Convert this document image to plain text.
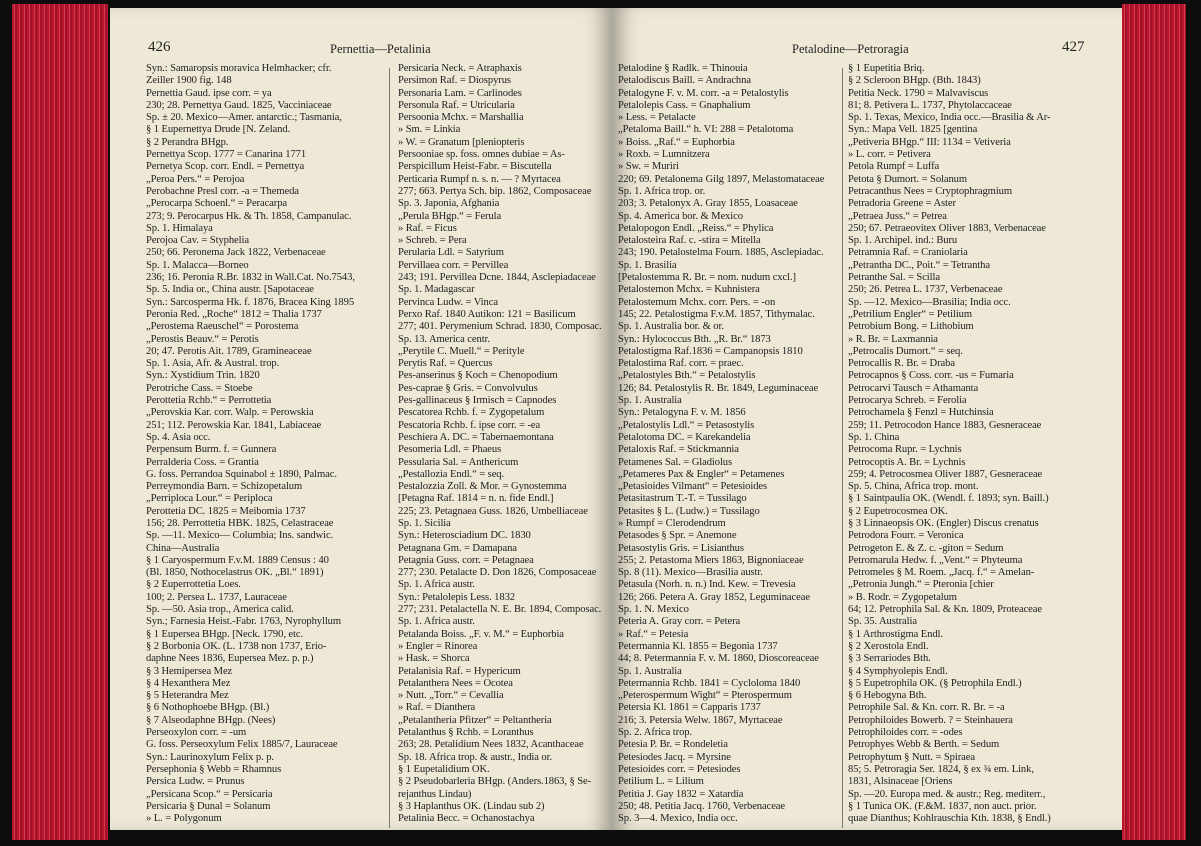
426	Pernettia—Petalinia
Syn.: Samaropsis moravica Helmhacker; cfr.
Zeiller 1900 fig. 148
Pernettia Gaud. ipse corr. = ya
230; 28. Pernettya Gaud. 1825, Vacciniaceae
Sp. ± 20. Mexico—Amer. antarctic.; Tasmania,
§ 1 Eupernettya Drude [N. Zeland.
§ 2 Perandra BHgp.
Pernettya Scop. 1777 = Canarina 1771
Pernetya Scop. corr. Endl. = Pernettya
„Peroa Pers.“ = Perojoa
Perobachne Presl corr. -a = Themeda
„Perocarpa Schoenl.“ = Peracarpa
273; 9. Perocarpus Hk. & Th. 1858, Campanulac.
Sp. 1. Himalaya
Perojoa Cav. = Styphelia
250; 66. Peronema Jack 1822, Verbenaceae
Sp. 1. Malacca—Borneo
236; 16. Peronia R.Br. 1832 in Wall.Cat. No.7543,
Sp. 5. India or., China austr. [Sapotaceae
Syn.: Sarcosperma Hk. f. 1876, Bracea King 1895
Peronia Red. „Roche“ 1812 = Thalia 1737
„Perostema Raeuschel“ = Porostema
„Perostis Beauv.“ = Perotis
20; 47. Perotis Ait. 1789, Gramineaceae
Sp. 1. Asia, Afr. & Austral. trop.
Syn.: Xystidium Trin. 1820
Perotriche Cass. = Stoebe
Perottetia Rchb.“ = Perrottetia
„Perovskia Kar. corr. Walp. = Perowskia
251; 112. Perowskia Kar. 1841, Labiaceae
Sp. 4. Asia occ.
Perpensum Burm. f. = Gunnera
Perralderia Coss. = Grantia
G. foss. Perrandoa Squinabol ± 1890, Palmac.
Perreymondia Barn. = Schizopetalum
„Perriploca Lour.“ = Periploca
Perottetia DC. 1825 = Meibomia 1737
156; 28. Perrottetia HBK. 1825, Celastraceae
Sp. —11. Mexico— Columbia; Ins. sandwic.
China—Australia
§ 1 Caryospermum F.v.M. 1889 Census : 40
(Bl. 1850, Nothocelastrus OK. „Bl.“ 1891)
§ 2 Euperrottetia Loes.
100; 2. Persea L. 1737, Lauraceae
Sp. —50. Asia trop., America calid.
Syn.; Farnesia Heist.-Fabr. 1763, Nyrophyllum
§ 1 Eupersea BHgp. [Neck. 1790, etc.
§ 2 Borbonia OK. (L. 1738 non 1737, Erio-
daphne Nees 1836, Eupersea Mez. p. p.)
§ 3 Hemipersea Mez
§ 4 Hexanthera Mez
§ 5 Heterandra Mez
§ 6 Nothophoebe BHgp. (Bl.)
§ 7 Alseodaphne BHgp. (Nees)
Perseoxylon corr. = -um
G. foss. Perseoxylum Felix 1885/7, Lauraceae
Syn.: Laurinoxylum Felix p. p.
Persephonia § Webb = Rhamnus
Persica Ludw. = Prunus
„Persicana Scop.“ = Persicaria
Persicaria § Dunal = Solanum
» L. = Polygonum
Persicaria Neck. = Atraphaxis
Persimon Raf. = Diospyrus
Personaria Lam. = Carlinodes
Personula Raf. = Utricularia
Persoonia Mchx. = Marshallia
» Sm. = Linkia
» W. = Granatum [pleniopteris
Persooniae sp. foss. omnes dubiae = As-
Perspicillum Heist-Fabr. = Biscutella
Perticaria Rumpf n. s. n. — ? Myrtacea
277; 663. Pertya Sch. bip. 1862, Composaceae
Sp. 3. Japonia, Afghania
„Perula BHgp.“ = Ferula
» Raf. = Ficus
» Schreb. = Pera
Perularia Ldl. = Satyrium
Pervillaea corr. = Pervillea
243; 191. Pervillea Dcne. 1844, Asclepiadaceae
Sp. 1. Madagascar
Pervinca Ludw. = Vinca
Perxo Raf. 1840 Autikon: 121 = Basilicum
277; 401. Perymenium Schrad. 1830, Composac.
Sp. 13. America centr.
„Perytile C. Muell.“ = Perityle
Perytis Raf. = Quercus
Pes-anserinus § Koch = Chenopodium
Pes-caprae § Gris. = Convolvulus
Pes-gallinaceus § Irmisch = Capnodes
Pescatorea Rchb. f. = Zygopetalum
Pescatoria Rchb. f. ipse corr. = -ea
Peschiera A. DC. = Tabernaemontana
Pesomeria Ldl. = Phaeus
Pessularia Sal. = Anthericum
„Pestallozia Endl.“ = seq.
Pestalozzia Zoll. & Mor. = Gynostemma
[Petagna Raf. 1814 = n. n. fide Endl.]
225; 23. Petagnaea Guss. 1826, Umbelliaceae
Sp. 1. Sicilia
Syn.: Heterosciadium DC. 1830
Petagnana Gm. = Damapana
Petagnia Guss. corr. = Petagnaea
277; 230. Petalacte D. Don 1826, Composaceae
Sp. 1. Africa austr.
Syn.: Petalolepis Less. 1832
277; 231. Petalactella N. E. Br. 1894, Composac.
Sp. 1. Africa austr.
Petalanda Boiss. „F. v. M.“ = Euphorbia
» Engler = Rinorea
» Hask. = Shorca
Petalanisia Raf. = Hypericum
Petalanthera Nees = Ocotea
» Nutt. „Torr.“ = Cevallia
» Raf. = Dianthera
„Petalantheria Pfitzer“ = Peltantheria
Petalanthus § Rchb. = Loranthus
263; 28. Petalidium Nees 1832, Acanthaceae
Sp. 18. Africa trop. & austr., India or.
§ 1 Eupetalidium OK.
§ 2 Pseudobarleria BHgp. (Anders.1863, § Se-
rejanthus Lindau)
§ 3 Haplanthus OK. (Lindau sub 2)
Petalinia Becc. = Ochanostachya
427
Petalodine—Petroragia
Petalodine § Radlk. = Thinouia
Petalodiscus Baill. = Andrachna
Petalogyne F. v. M. corr. -a = Petalostylis
Petalolepis Cass. = Gnaphalium
» Less. = Petalacte
„Petaloma Baill.“ h. VI: 288 = Petalotoma
» Boiss. „Raf.“ = Euphorbia
» Roxb. = Lumnitzera
» Sw. = Muriri
220; 69. Petalonema Gilg 1897, Melastomataceae
Sp. 1. Africa trop. or.
203; 3. Petalonyx A. Gray 1855, Loasaceae
Sp. 4. America bor. & Mexico
Petalopogon Endl. „Reiss.“ = Phylica
Petalosteira Raf. c. -stira = Mitella
243; 190. Petalostelma Fourn. 1885, Asclepiadac.
Sp. 1. Brasilia
[Petalostemma R. Br. = nom. nudum cxcl.]
Petalostemon Mchx. = Kuhnistera
Petalostemum Mchx. corr. Pers. = -on
145; 22. Petalostigma F.v.M. 1857, Tithymalac.
Sp. 1. Australia bor. & or.
Syn.: Hylococcus Bth. „R. Br.“ 1873
Petalostigma Raf.1836 = Campanopsis 1810
Petalostima Raf. corr. = praec.
„Petalostyles Bth.“ = Petalostylis
126; 84. Petalostylis R. Br. 1849, Leguminaceae
Sp. 1. Australia
Syn.: Petalogyna F. v. M. 1856
„Petalostylis Ldl.“ = Petasostylis
Petalotoma DC. = Karekandelia
Petaloxis Raf. = Stickmannia
Petamenes Sal. = Gladiolus
„Petameres Pax & Engler“ = Petamenes
„Petasioides Vilmant“ = Petesioides
Petasitastrum T.-T. = Tussilago
Petasites § L. (Ludw.) = Tussilago
» Rumpf = Clerodendrum
Petasodes § Spr. = Anemone
Petasostylis Gris. = Lisianthus
255; 2. Petastoma Miers 1863, Bignoniaceae
Sp. 8 (11). Mexico—Brasilia austr.
Petasula (Norh. n. n.) Ind. Kew. = Trevesia
126; 266. Petera A. Gray 1852, Leguminaceae
Sp. 1. N. Mexico
Peteria A. Gray corr. = Petera
» Raf.“ = Petesia
Petermannia Kl. 1855 = Begonia 1737
44; 8. Petermannia F. v. M. 1860, Dioscoreaceae
Sp. 1. Australia
Petermannia Rchb. 1841 = Cycloloma 1840
„Peterospermum Wight“ = Pterospermum
Petersia Kl. 1861 = Capparis 1737
216; 3. Petersia Welw. 1867, Myrtaceae
Sp. 2. Africa trop.
Petesia P. Br. = Rondeletia
Petesiodes Jacq. = Myrsine
Petesioides corr. = Petesiodes
Petilium L. = Lilium
Petitia J. Gay 1832 = Xatardia
250; 48. Petitia Jacq. 1760, Verbenaceae
Sp. 3—4. Mexico, India occ.
§ 1 Eupetitia Briq.
§ 2 Scleroon BHgp. (Bth. 1843)
Petitia Neck. 1790 = Malvaviscus
81; 8. Petivera L. 1737, Phytolaccaceae
Sp. 1. Texas, Mexico, India occ.—Brasilia & Ar-
Syn.: Mapa Vell. 1825 [gentina
„Petiveria BHgp.“ III: 1134 = Vetiveria
» L. corr. = Petivera
Petola Rumpf = Luffa
Petota § Dumort. = Solanum
Petracanthus Nees = Cryptophragmium
Petradoria Greene = Aster
„Petraea Juss.“ = Petrea
250; 67. Petraeovitex Oliver 1883, Verbenaceae
Sp. 1. Archipel. ind.: Buru
Petramnia Raf. = Craniolaria
„Petrantha DC., Poit.“ = Tetrantha
Petranthe Sal. = Scilla
250; 26. Petrea L. 1737, Verbenaceae
Sp. —12. Mexico—Brasilia; India occ.
„Petrilium Engler“ = Petilium
Petrobium Bong. = Lithobium
» R. Br. = Laxmannia
„Petrocalis Dumort.“ = seq.
Petrocallis R. Br. = Draba
Petrocapnos § Coss. corr. -us = Fumaria
Petrocarvi Tausch = Athamanta
Petrocarya Schreb. = Ferolia
Petrochamela § Fenzl = Hutchinsia
259; 11. Petrocodon Hance 1883, Gesneraceae
Sp. 1. China
Petrocoma Rupr. = Lychnis
Petrocoptis A. Br. = Lychnis
259; 4. Petrocosmea Oliver 1887, Gesneraceae
Sp. 5. China, Africa trop. mont.
§ 1 Saintpaulia OK. (Wendl. f. 1893; syn. Baill.)
§ 2 Eupetrocosmea OK.
§ 3 Linnaeopsis OK. (Engler) Discus crenatus
Petrodora Fourr. = Veronica
Petrogeton E. & Z. c. -giton = Sedum
Petromarula Hedw. f. „Vent.“ = Phyteuma
Petromeles § M. Roem. „Jacq. f.“ = Amelan-
„Petronia Jungh.“ = Pteronia [chier
» B. Rodr. = Zygopetalum
64; 12. Petrophila Sal. & Kn. 1809, Proteaceae
Sp. 35. Australia
§ 1 Arthrostigma Endl.
§ 2 Xerostola Endl.
§ 3 Serrariodes Bth.
§ 4 Symphyolepis Endl.
§ 5 Eupetrophila OK. (§ Petrophila Endl.)
§ 6 Hebogyna Bth.
Petrophile Sal. & Kn. corr. R. Br. = -a
Petrophiloides Bowerb. ? = Steinhauera
Petrophiloides corr. = -odes
Petrophyes Webb & Berth. = Sedum
Petrophytum § Nutt. = Spiraea
85; 5. Petroragia Ser. 1824, § ex ¾ em. Link,
1831, Alsinaceae [Oriens
Sp. —20. Europa med. & austr.; Reg. mediterr.,
§ 1 Tunica OK. (F.&M. 1837, non auct. prior.
quae Dianthus; Kohlrauschia Kth. 1838, § Endl.)
